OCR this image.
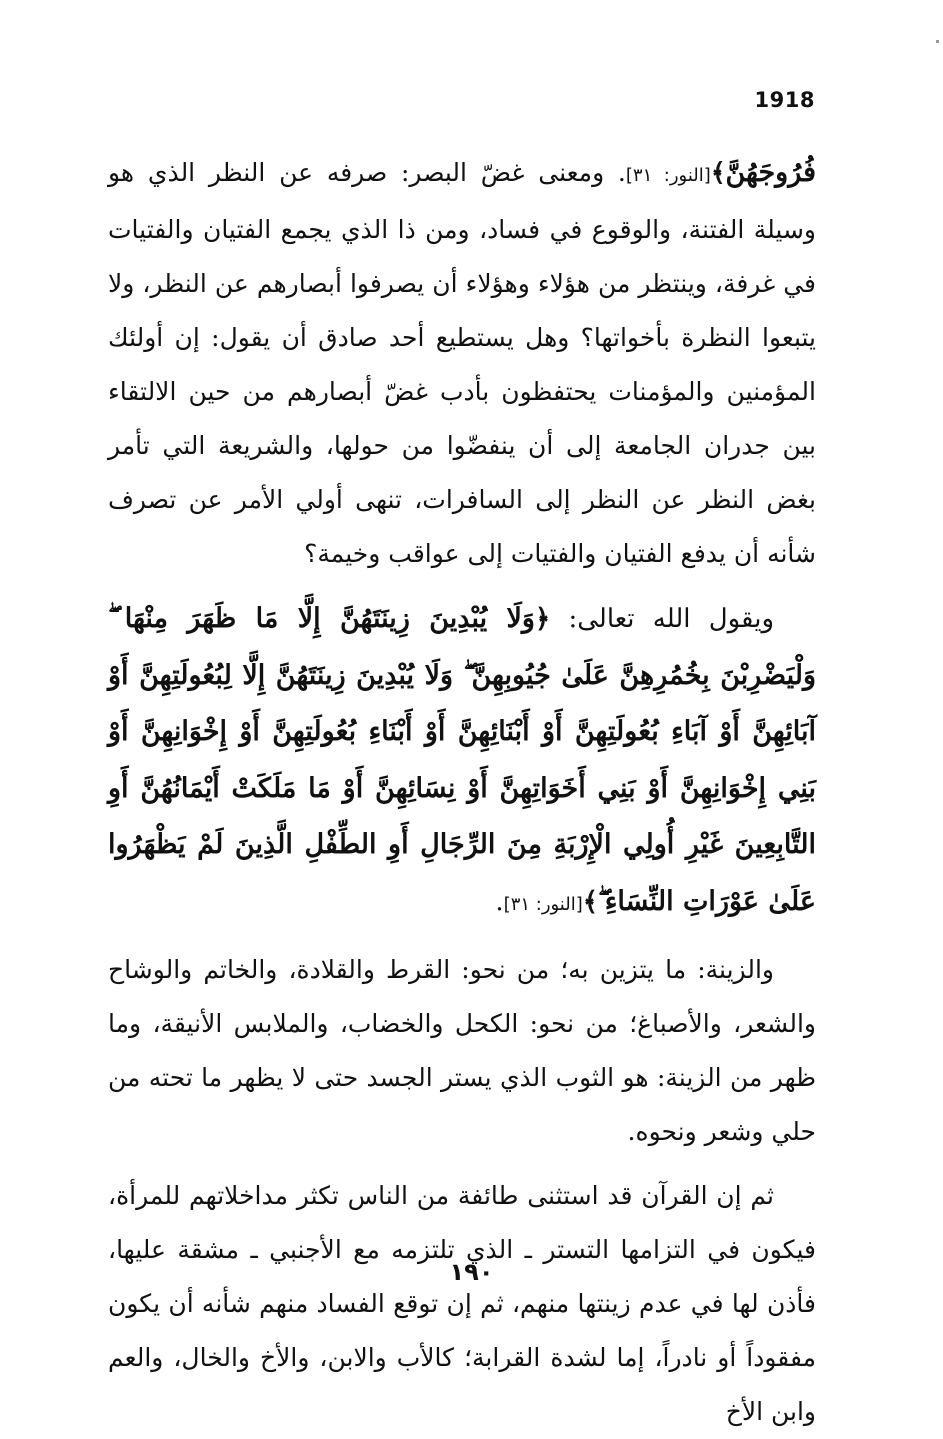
1918

فُرُوجَهُنَّ﴾[النور: ٣١]. ومعنى غضّ البصر: صرفه عن النظر الذي هو وسيلة الفتنة، والوقوع في فساد، ومن ذا الذي يجمع الفتيان والفتيات في غرفة، وينتظر من هؤلاء وهؤلاء أن يصرفوا أبصارهم عن النظر، ولا يتبعوا النظرة بأخواتها؟ وهل يستطيع أحد صادق أن يقول: إن أولئك المؤمنين والمؤمنات يحتفظون بأدب غضّ أبصارهم من حين الالتقاء بين جدران الجامعة إلى أن ينفضّوا من حولها، والشريعة التي تأمر بغض النظر عن النظر إلى السافرات، تنهى أولي الأمر عن تصرف شأنه أن يدفع الفتيان والفتيات إلى عواقب وخيمة؟

ويقول الله تعالى: ﴿وَلَا يُبْدِينَ زِينَتَهُنَّ إِلَّا مَا ظَهَرَ مِنْهَا ۖ وَلْيَضْرِبْنَ بِخُمُرِهِنَّ عَلَىٰ جُيُوبِهِنَّ ۖ وَلَا يُبْدِينَ زِينَتَهُنَّ إِلَّا لِبُعُولَتِهِنَّ أَوْ آبَائِهِنَّ أَوْ آبَاءِ بُعُولَتِهِنَّ أَوْ أَبْنَائِهِنَّ أَوْ أَبْنَاءِ بُعُولَتِهِنَّ أَوْ إِخْوَانِهِنَّ أَوْ بَنِي إِخْوَانِهِنَّ أَوْ بَنِي أَخَوَاتِهِنَّ أَوْ نِسَائِهِنَّ أَوْ مَا مَلَكَتْ أَيْمَانُهُنَّ أَوِ التَّابِعِينَ غَيْرِ أُولِي الْإِرْبَةِ مِنَ الرِّجَالِ أَوِ الطِّفْلِ الَّذِينَ لَمْ يَظْهَرُوا عَلَىٰ عَوْرَاتِ النِّسَاءِ ۖ﴾[النور: ٣١].

والزينة: ما يتزين به؛ من نحو: القرط والقلادة، والخاتم والوشاح والشعر، والأصباغ؛ من نحو: الكحل والخضاب، والملابس الأنيقة، وما ظهر من الزينة: هو الثوب الذي يستر الجسد حتى لا يظهر ما تحته من حلي وشعر ونحوه.

ثم إن القرآن قد استثنى طائفة من الناس تكثر مداخلاتهم للمرأة، فيكون في التزامها التستر ـ الذي تلتزمه مع الأجنبي ـ مشقة عليها، فأذن لها في عدم زينتها منهم، ثم إن توقع الفساد منهم شأنه أن يكون مفقوداً أو نادراً، إما لشدة القرابة؛ كالأب والابن، والأخ والخال، والعم وابن الأخ

١٩٠
